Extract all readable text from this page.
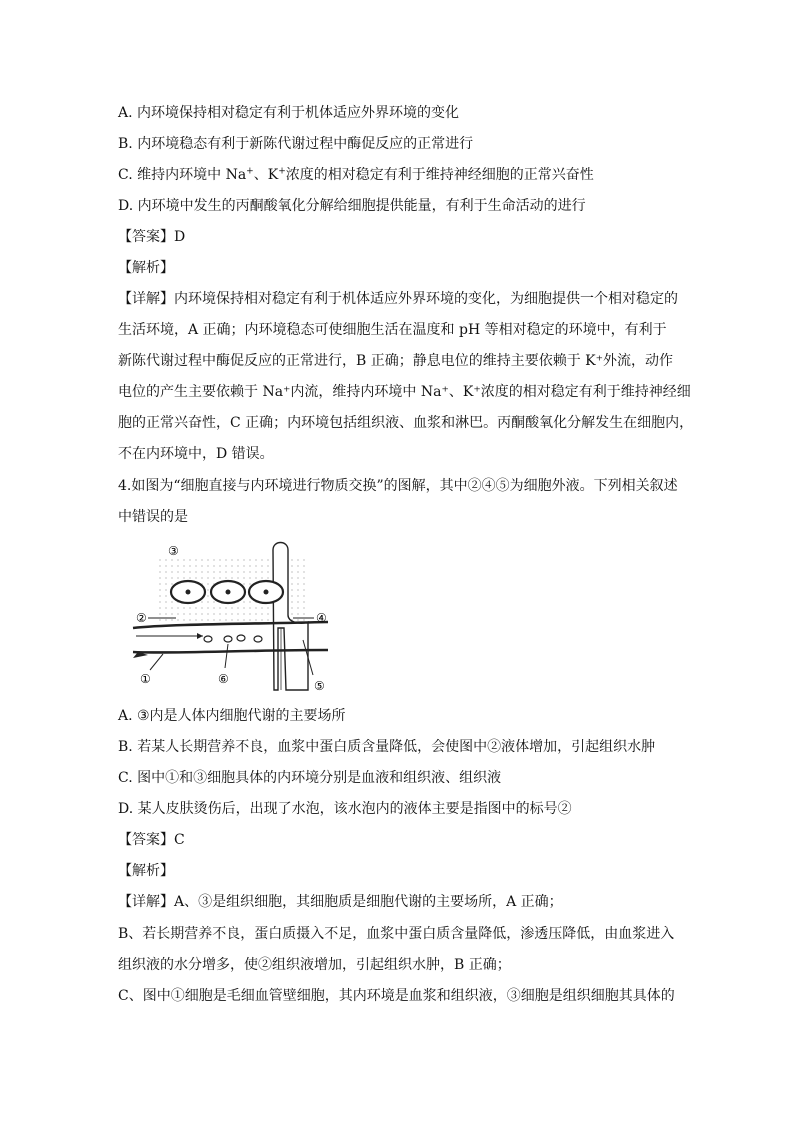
A. 内环境保持相对稳定有利于机体适应外界环境的变化
B. 内环境稳态有利于新陈代谢过程中酶促反应的正常进行
C. 维持内环境中 Na+、K+浓度的相对稳定有利于维持神经细胞的正常兴奋性
D. 内环境中发生的丙酮酸氧化分解给细胞提供能量，有利于生命活动的进行
【答案】D
【解析】
【详解】内环境保持相对稳定有利于机体适应外界环境的变化，为细胞提供一个相对稳定的
生活环境，A 正确；内环境稳态可使细胞生活在温度和 pH 等相对稳定的环境中，有利于
新陈代谢过程中酶促反应的正常进行，B 正确；静息电位的维持主要依赖于 K⁺外流，动作
电位的产生主要依赖于 Na⁺内流，维持内环境中 Na⁺、K⁺浓度的相对稳定有利于维持神经细
胞的正常兴奋性，C 正确；内环境包括组织液、血浆和淋巴。丙酮酸氧化分解发生在细胞内，
不在内环境中，D 错误。
4.如图为“细胞直接与内环境进行物质交换”的图解，其中②④⑤为细胞外液。下列相关叙述
中错误的是
③
②	④
①	⑥	⑤
A. ③内是人体内细胞代谢的主要场所
B. 若某人长期营养不良，血浆中蛋白质含量降低，会使图中②液体增加，引起组织水肿
C. 图中①和③细胞具体的内环境分别是血液和组织液、组织液
D. 某人皮肤烫伤后，出现了水泡，该水泡内的液体主要是指图中的标号②
【答案】C
【解析】
【详解】A、③是组织细胞，其细胞质是细胞代谢的主要场所，A 正确；
B、若长期营养不良，蛋白质摄入不足，血浆中蛋白质含量降低，渗透压降低，由血浆进入
组织液的水分增多，使②组织液增加，引起组织水肿，B 正确；
C、图中①细胞是毛细血管壁细胞，其内环境是血浆和组织液，③细胞是组织细胞其具体的
